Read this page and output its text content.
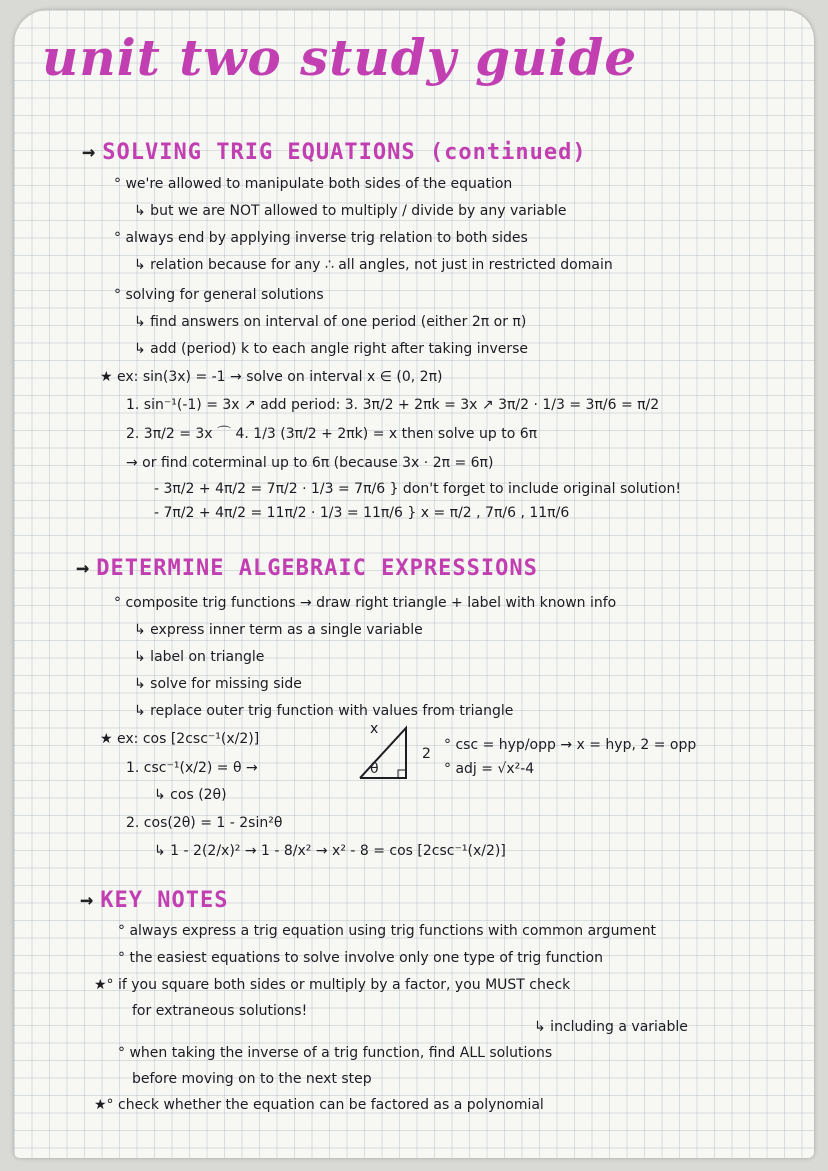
unit two study guide
→ SOLVING TRIG EQUATIONS (continued)
° we're allowed to manipulate both sides of the equation
↳ but we are NOT allowed to multiply / divide by any variable
° always end by applying inverse trig relation to both sides
↳ relation because for any ∴ all angles, not just in restricted domain
° solving for general solutions
↳ find answers on interval of one period (either 2π or π)
↳ add (period) k to each angle right after taking inverse
★ ex: sin(3x) = -1 → solve on interval x ∈ (0, 2π)
1. sin⁻¹(-1) = 3x ↗ add period: 3. 3π/2 + 2πk = 3x ↗ 3π/2 · 1/3 = 3π/6 = π/2
2. 3π/2 = 3x ⌒ 4. 1/3 (3π/2 + 2πk) = x then solve up to 6π
→ or find coterminal up to 6π (because 3x · 2π = 6π)
- 3π/2 + 4π/2 = 7π/2 · 1/3 = 7π/6 } don't forget to include original solution!
- 7π/2 + 4π/2 = 11π/2 · 1/3 = 11π/6 } x = π/2 , 7π/6 , 11π/6
→ DETERMINE ALGEBRAIC EXPRESSIONS
° composite trig functions → draw right triangle + label with known info
↳ express inner term as a single variable
↳ label on triangle
↳ solve for missing side
↳ replace outer trig function with values from triangle
★ ex: cos [2csc⁻¹(x/2)]
1. csc⁻¹(x/2) = θ →
↳ cos (2θ)
2. cos(2θ) = 1 - 2sin²θ
↳ 1 - 2(2/x)² → 1 - 8/x² → x² - 8 = cos [2csc⁻¹(x/2)]
x
2
θ
° csc = hyp/opp → x = hyp, 2 = opp
° adj = √x²-4
→ KEY NOTES
° always express a trig equation using trig functions with common argument
° the easiest equations to solve involve only one type of trig function
★° if you square both sides or multiply by a factor, you MUST check
for extraneous solutions!
↳ including a variable
° when taking the inverse of a trig function, find ALL solutions
before moving on to the next step
★° check whether the equation can be factored as a polynomial
